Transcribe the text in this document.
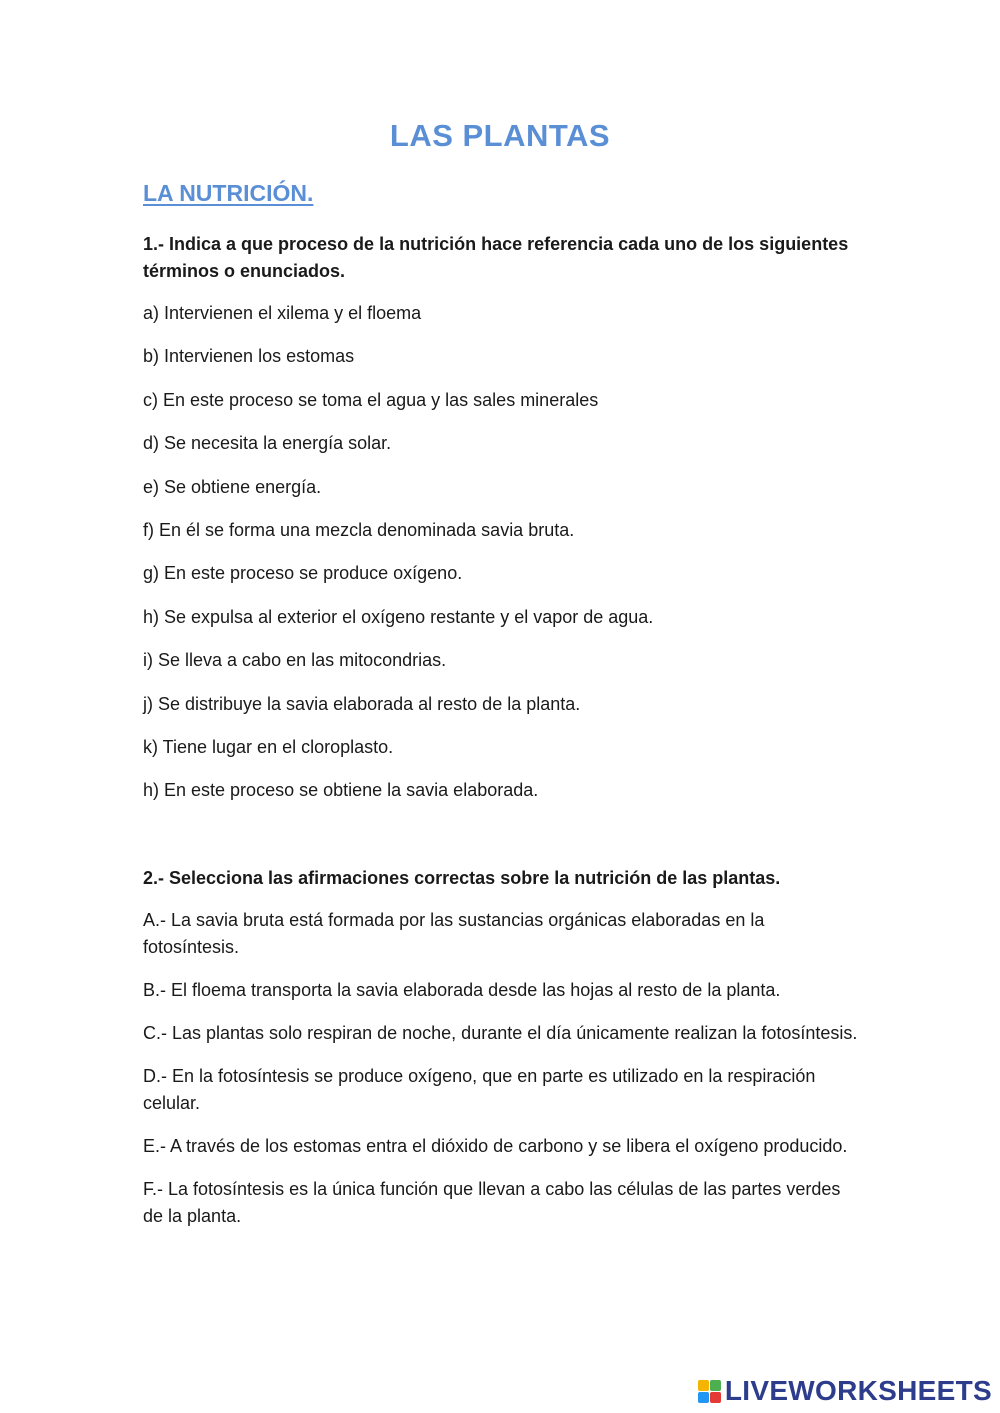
LAS PLANTAS
LA NUTRICIÓN.

1.- Indica a que proceso de la nutrición hace referencia cada uno de los siguientes términos o enunciados.

a) Intervienen el xilema y el floema
b) Intervienen los estomas
c) En este proceso se toma el agua y las sales minerales
d) Se necesita la energía solar.
e) Se obtiene energía.
f) En él se forma una mezcla denominada savia bruta.
g) En este proceso se produce oxígeno.
h) Se expulsa al exterior el oxígeno restante y el vapor de agua.
i) Se lleva a cabo en las mitocondrias.
j) Se distribuye la savia elaborada al resto de la planta.
k) Tiene lugar en el cloroplasto.
h) En este proceso se obtiene la savia elaborada.

2.- Selecciona las afirmaciones correctas sobre la nutrición de las plantas.

A.- La savia bruta está formada por las sustancias orgánicas elaboradas en la fotosíntesis.
B.- El floema transporta la savia elaborada desde las hojas al resto de la planta.
C.- Las plantas solo respiran de noche, durante el día únicamente realizan la fotosíntesis.
D.- En la fotosíntesis se produce oxígeno, que en parte es utilizado en la respiración celular.
E.- A través de los estomas entra el dióxido de carbono y se libera el oxígeno producido.
F.- La fotosíntesis es la única función que llevan a cabo las células de las partes verdes de la planta.
LIVEWORKSHEETS
